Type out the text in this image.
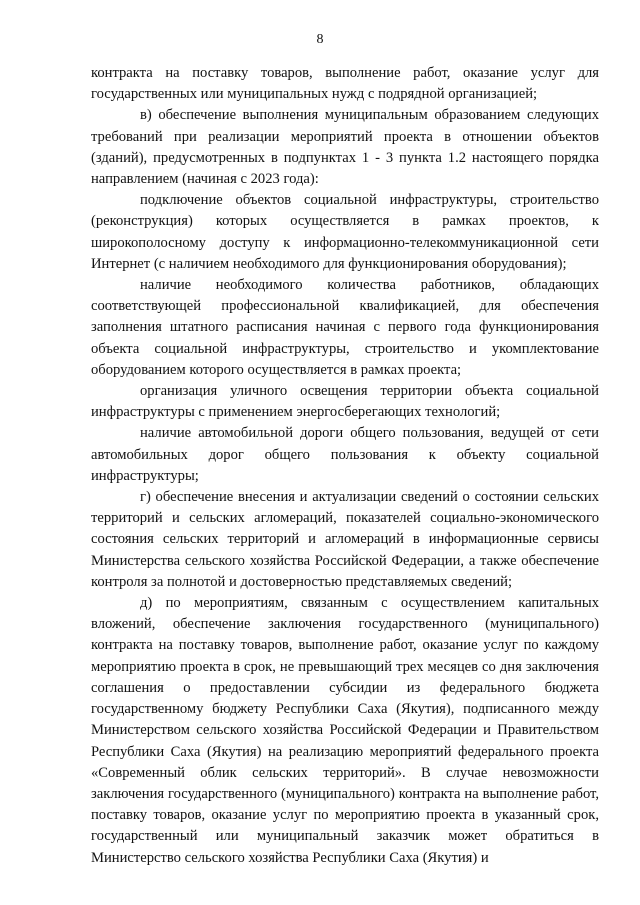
8

контракта на поставку товаров, выполнение работ, оказание услуг для государственных или муниципальных нужд с подрядной организацией;

в) обеспечение выполнения муниципальным образованием следующих требований при реализации мероприятий проекта в отношении объектов (зданий), предусмотренных в подпунктах 1 - 3 пункта 1.2 настоящего порядка направлением (начиная с 2023 года):

подключение объектов социальной инфраструктуры, строительство (реконструкция) которых осуществляется в рамках проектов, к широкополосному доступу к информационно-телекоммуникационной сети Интернет (с наличием необходимого для функционирования оборудования);

наличие необходимого количества работников, обладающих соответствующей профессиональной квалификацией, для обеспечения заполнения штатного расписания начиная с первого года функционирования объекта социальной инфраструктуры, строительство и укомплектование оборудованием которого осуществляется в рамках проекта;

организация уличного освещения территории объекта социальной инфраструктуры с применением энергосберегающих технологий;

наличие автомобильной дороги общего пользования, ведущей от сети автомобильных дорог общего пользования к объекту социальной инфраструктуры;

г) обеспечение внесения и актуализации сведений о состоянии сельских территорий и сельских агломераций, показателей социально-экономического состояния сельских территорий и агломераций в информационные сервисы Министерства сельского хозяйства Российской Федерации, а также обеспечение контроля за полнотой и достоверностью представляемых сведений;

д) по мероприятиям, связанным с осуществлением капитальных вложений, обеспечение заключения государственного (муниципального) контракта на поставку товаров, выполнение работ, оказание услуг по каждому мероприятию проекта в срок, не превышающий трех месяцев со дня заключения соглашения о предоставлении субсидии из федерального бюджета государственному бюджету Республики Саха (Якутия), подписанного между Министерством сельского хозяйства Российской Федерации и Правительством Республики Саха (Якутия) на реализацию мероприятий федерального проекта «Современный облик сельских территорий». В случае невозможности заключения государственного (муниципального) контракта на выполнение работ, поставку товаров, оказание услуг по мероприятию проекта в указанный срок, государственный или муниципальный заказчик может обратиться в Министерство сельского хозяйства Республики Саха (Якутия) и
